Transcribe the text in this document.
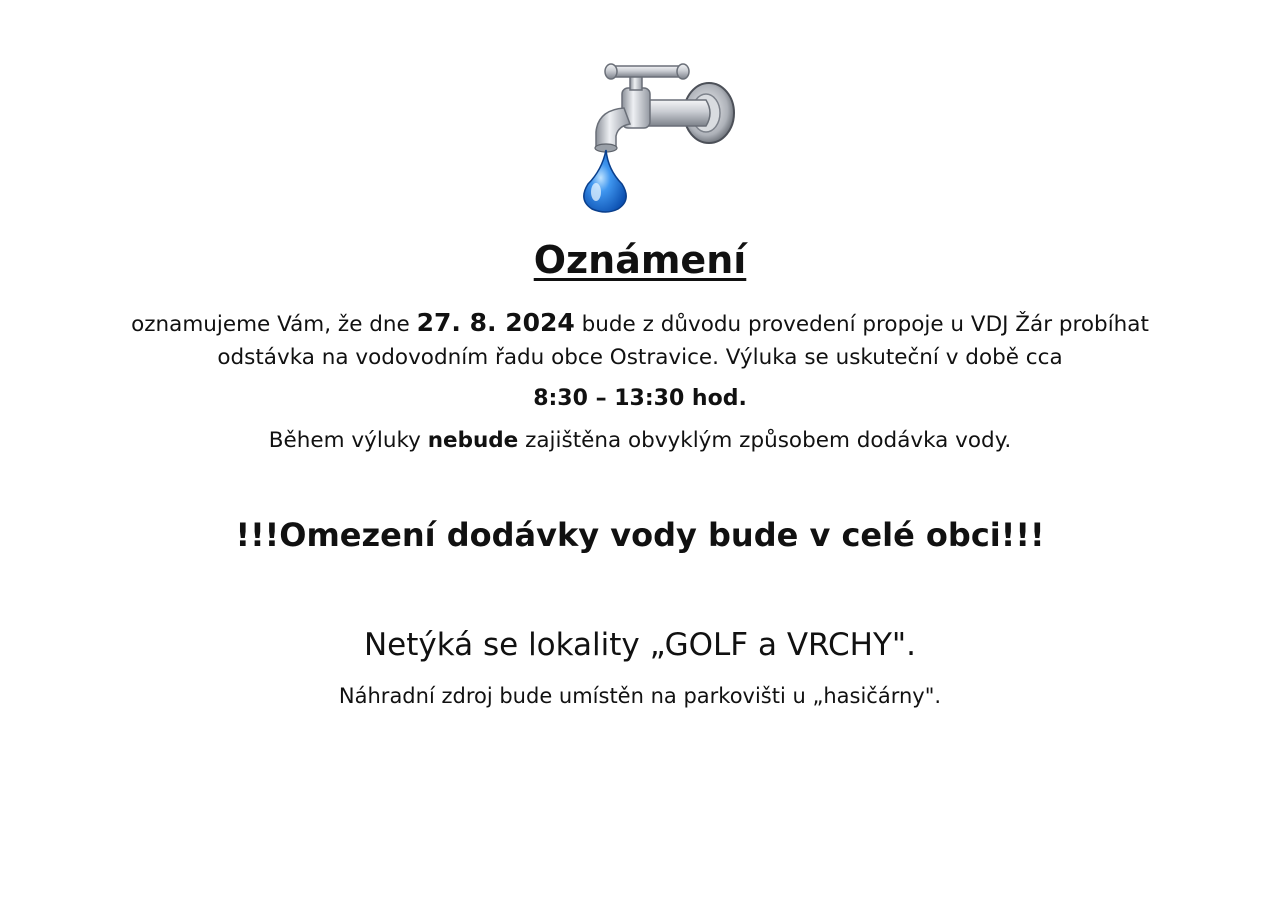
Oznámení
oznamujeme Vám, že dne 27. 8. 2024 bude z důvodu provedení propoje u VDJ Žár probíhat
odstávka na vodovodním řadu obce Ostravice. Výluka se uskuteční v době cca
8:30 – 13:30 hod.
Během výluky nebude zajištěna obvyklým způsobem dodávka vody.
!!!Omezení dodávky vody bude v celé obci!!!
Netýká se lokality „GOLF a VRCHY".
Náhradní zdroj bude umístěn na parkovišti u „hasičárny".
